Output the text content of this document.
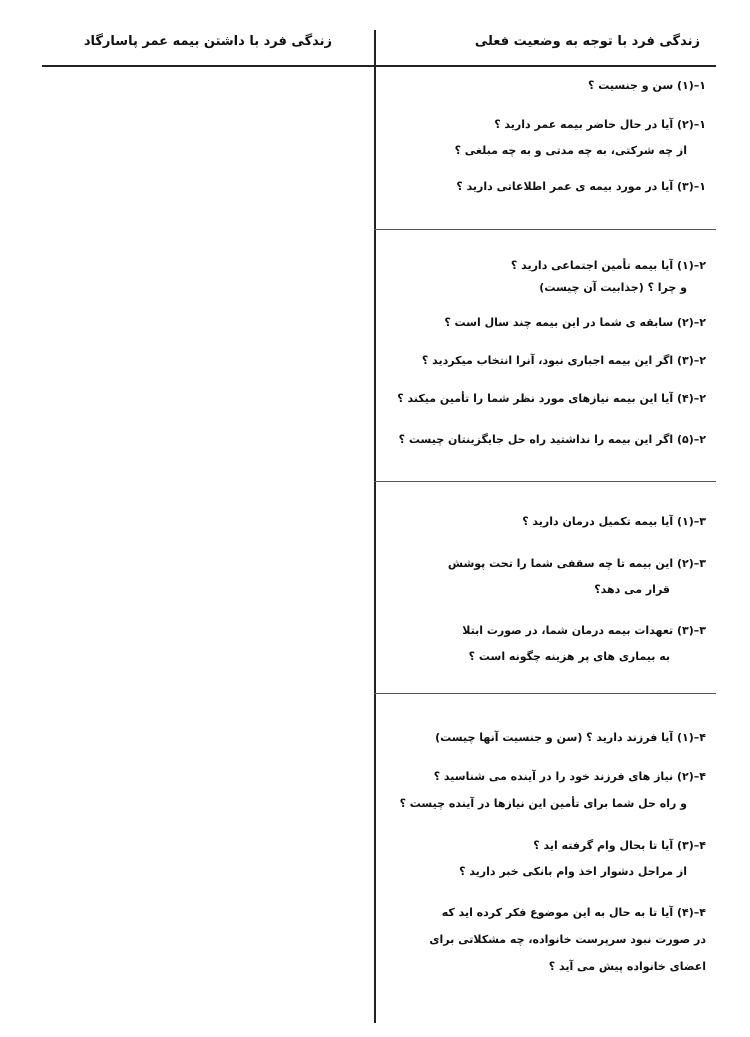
زندگی فرد با توجه به وضعیت فعلی
زندگی فرد با داشتن بیمه عمر پاسارگاد
۱–(۱) سن و جنسیت ؟
۱–(۲) آیا در حال حاضر بیمه عمر دارید ؟
از چه شرکتی، به چه مدتی و به چه مبلغی ؟
۱–(۳) آیا در مورد بیمه ی عمر اطلاعاتی دارید ؟
۲–(۱) آیا بیمه تأمین اجتماعی دارید ؟
و چرا ؟ (جذابیت آن چیست)
۲–(۲) سابقه ی شما در این بیمه چند سال است ؟
۲–(۳) اگر این بیمه اجباری نبود، آنرا انتخاب میکردید ؟
۲–(۴) آیا این بیمه نیازهای مورد نظر شما را تأمین میکند ؟
۲–(۵) اگر این بیمه را نداشتید راه حل جایگزینتان چیست ؟
۳–(۱) آیا بیمه تکمیل درمان دارید ؟
۳–(۲) این بیمه تا چه سقفی شما را تحت پوشش
قرار می دهد؟
۳–(۳) تعهدات بیمه درمان شما، در صورت ابتلا
به بیماری های پر هزینه چگونه است ؟
۴–(۱) آیا فرزند دارید ؟ (سن و جنسیت آنها چیست)
۴–(۲) نیاز های فرزند خود را در آینده می شناسید ؟
و راه حل شما برای تأمین این نیازها در آینده چیست ؟
۴–(۳) آیا تا بحال وام گرفته اید ؟
از مراحل دشوار اخذ وام بانکی خبر دارید ؟
۴–(۴) آیا تا به حال به این موضوع فکر کرده اید که
در صورت نبود سرپرست خانواده، چه مشکلاتی برای
اعضای خانواده پیش می آید ؟
